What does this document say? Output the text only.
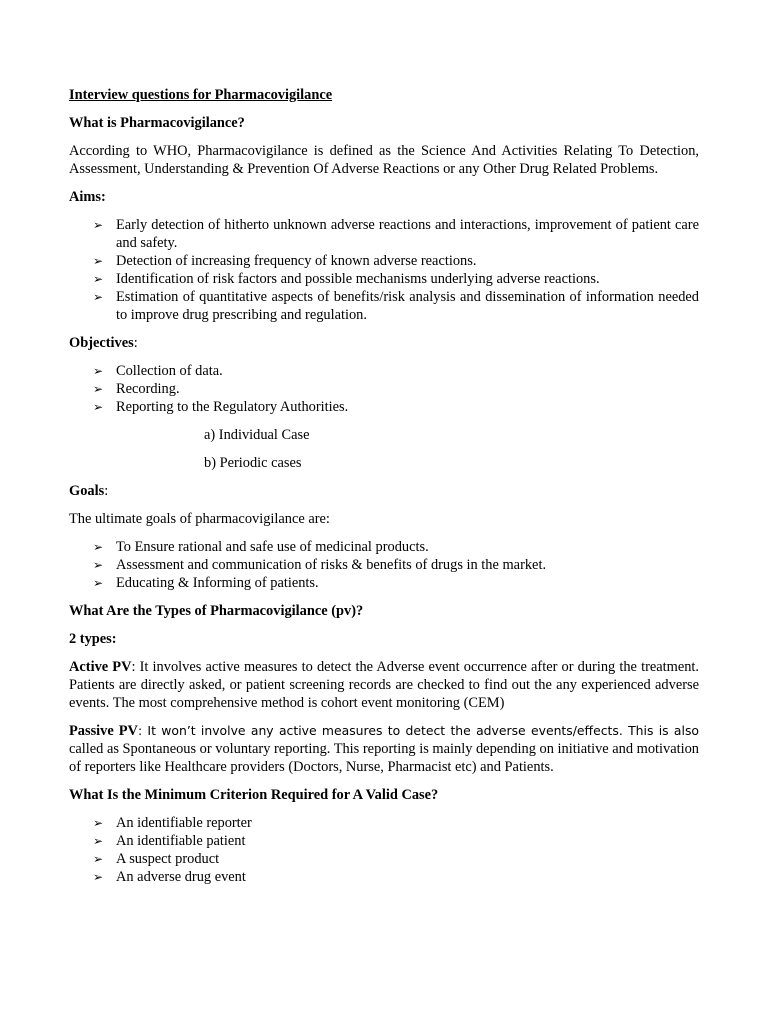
Interview questions for Pharmacovigilance

What is Pharmacovigilance?

According to WHO, Pharmacovigilance is defined as the Science And Activities Relating To Detection, Assessment, Understanding & Prevention Of Adverse Reactions or any Other Drug Related Problems.

Aims:

➢ Early detection of hitherto unknown adverse reactions and interactions, improvement of patient care and safety.
➢ Detection of increasing frequency of known adverse reactions.
➢ Identification of risk factors and possible mechanisms underlying adverse reactions.
➢ Estimation of quantitative aspects of benefits/risk analysis and dissemination of information needed to improve drug prescribing and regulation.

Objectives:

➢ Collection of data.
➢ Recording.
➢ Reporting to the Regulatory Authorities.

a) Individual Case

b) Periodic cases

Goals:

The ultimate goals of pharmacovigilance are:

➢ To Ensure rational and safe use of medicinal products.
➢ Assessment and communication of risks & benefits of drugs in the market.
➢ Educating & Informing of patients.

What Are the Types of Pharmacovigilance (pv)?

2 types:

Active PV: It involves active measures to detect the Adverse event occurrence after or during the treatment. Patients are directly asked, or patient screening records are checked to find out the any experienced adverse events. The most comprehensive method is cohort event monitoring (CEM)

Passive PV: It won’t involve any active measures to detect the adverse events/effects. This is also called as Spontaneous or voluntary reporting. This reporting is mainly depending on initiative and motivation of reporters like Healthcare providers (Doctors, Nurse, Pharmacist etc) and Patients.

What Is the Minimum Criterion Required for A Valid Case?

➢ An identifiable reporter
➢ An identifiable patient
➢ A suspect product
➢ An adverse drug event
